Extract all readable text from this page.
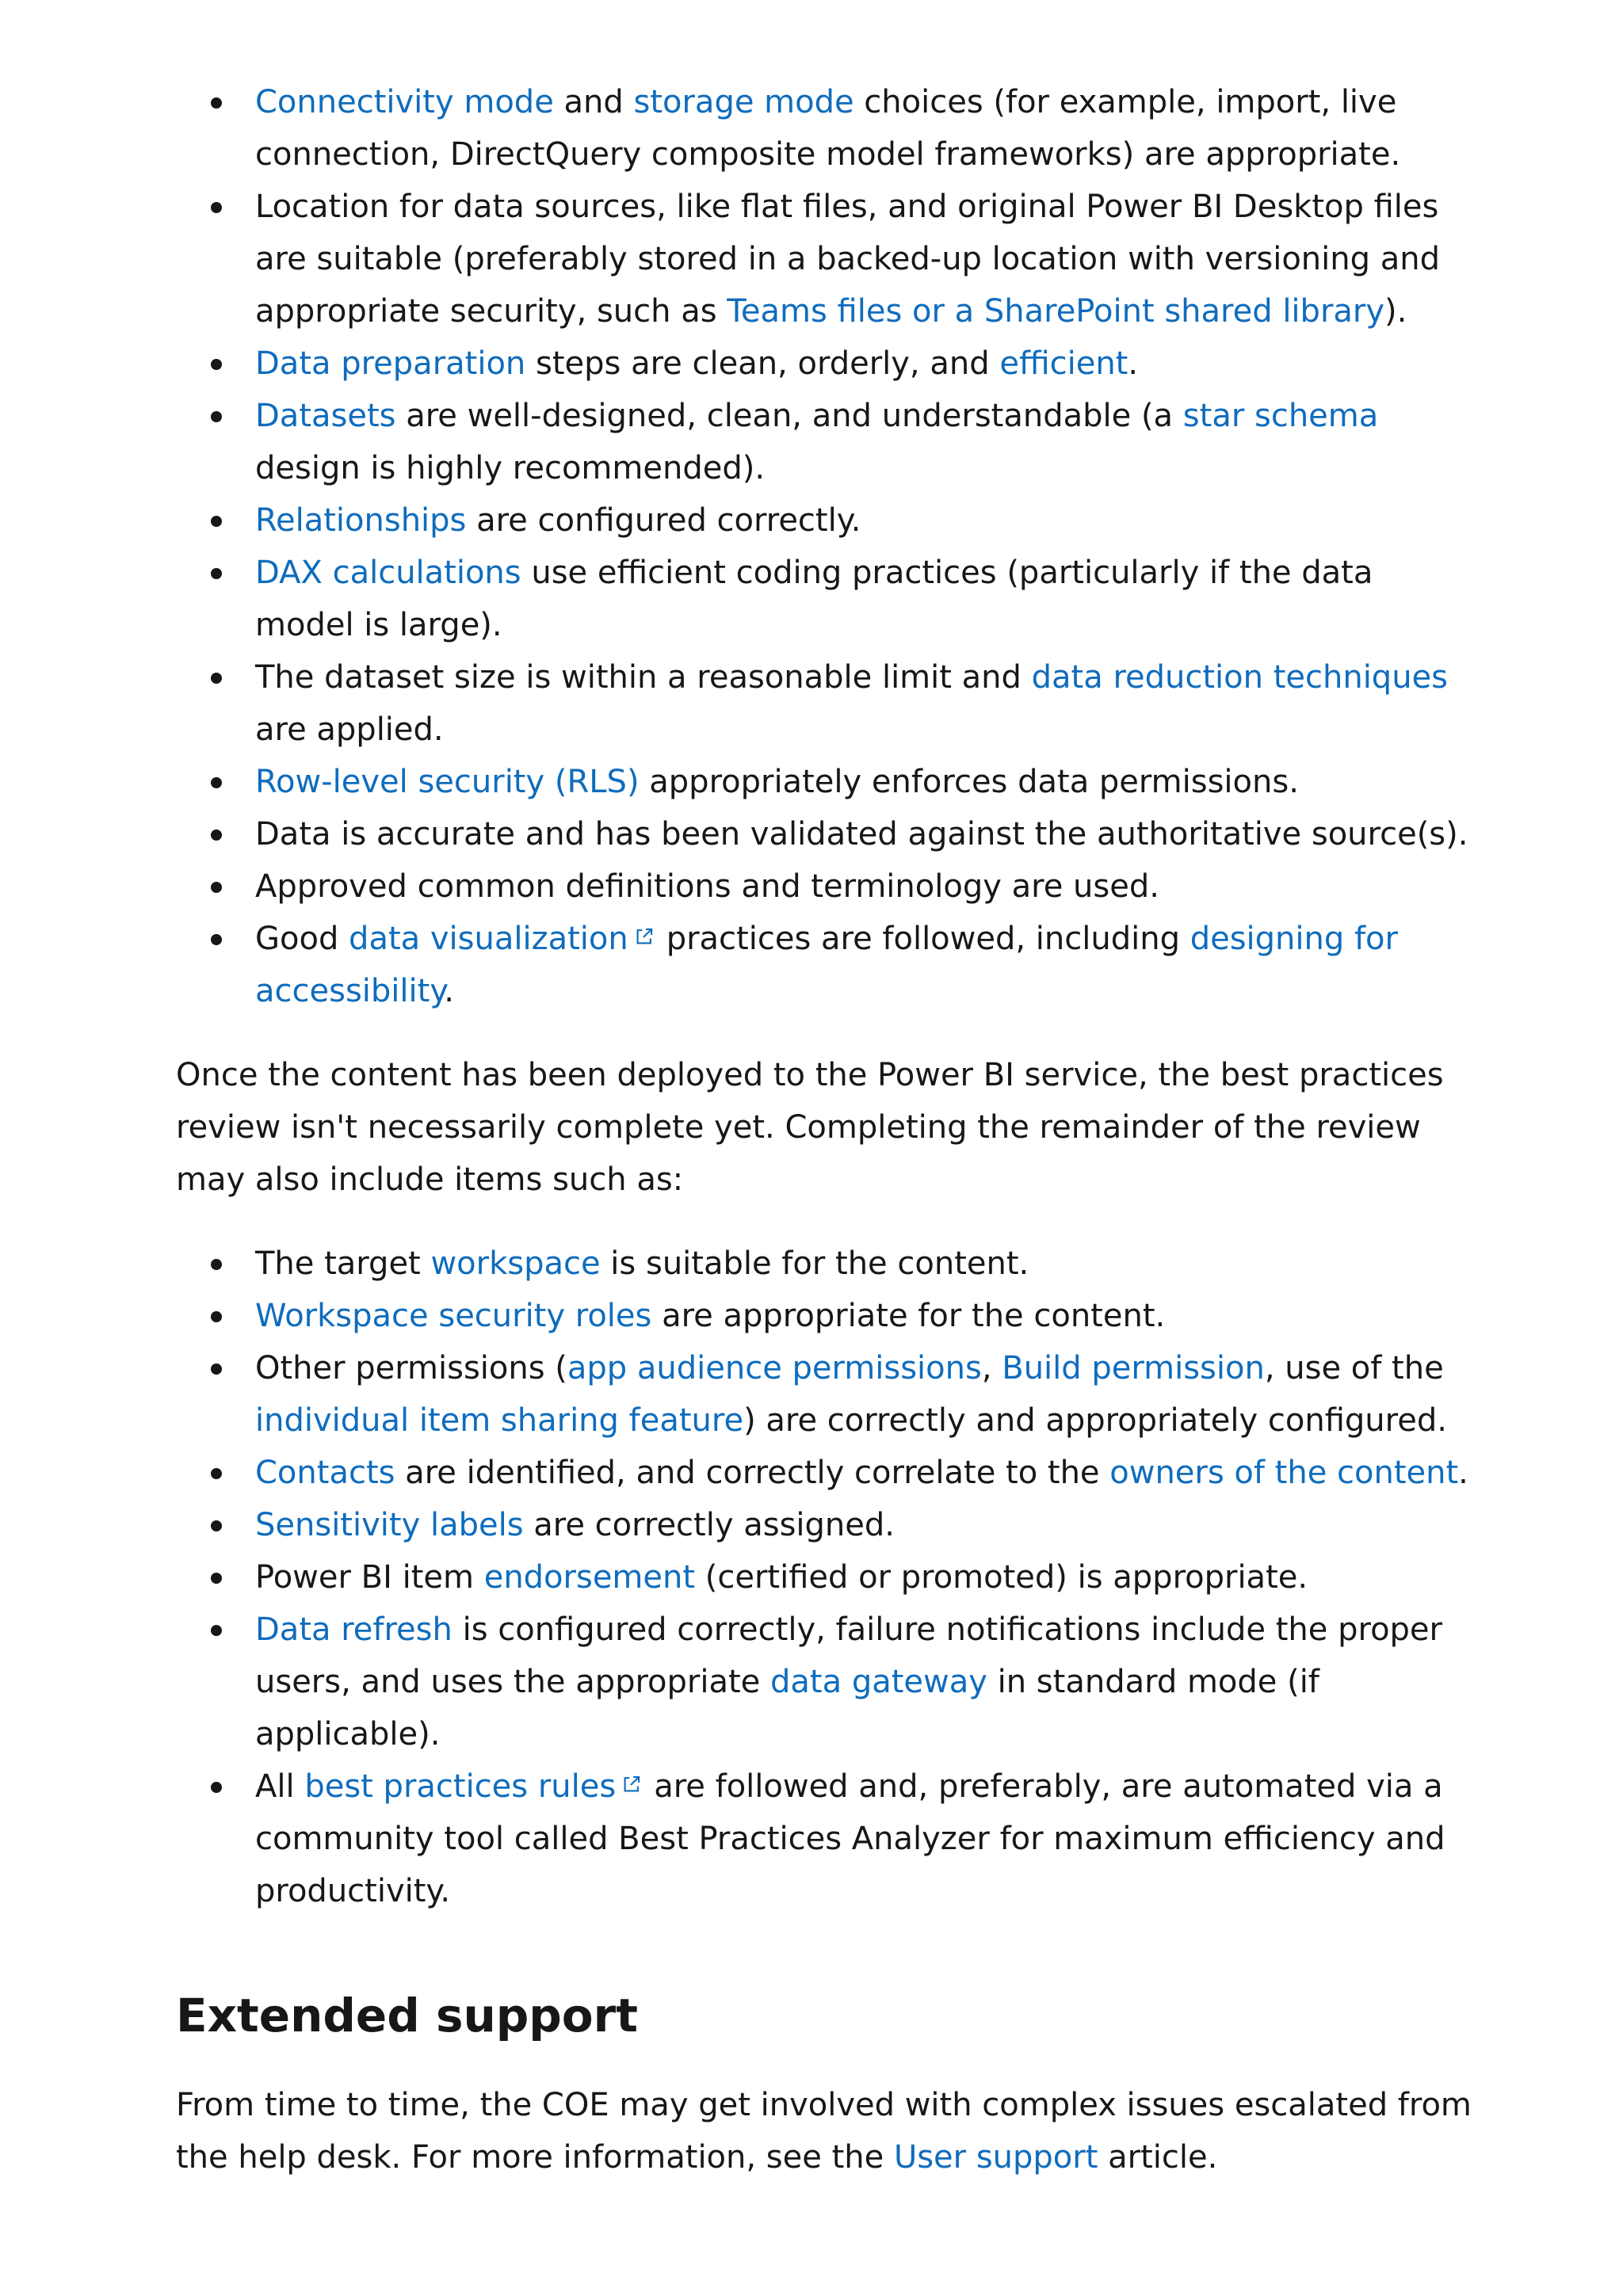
Connectivity mode and storage mode choices (for example, import, live connection, DirectQuery composite model frameworks) are appropriate.
Location for data sources, like flat files, and original Power BI Desktop files are suitable (preferably stored in a backed-up location with versioning and appropriate security, such as Teams files or a SharePoint shared library).
Data preparation steps are clean, orderly, and efficient.
Datasets are well-designed, clean, and understandable (a star schema design is highly recommended).
Relationships are configured correctly.
DAX calculations use efficient coding practices (particularly if the data model is large).
The dataset size is within a reasonable limit and data reduction techniques are applied.
Row-level security (RLS) appropriately enforces data permissions.
Data is accurate and has been validated against the authoritative source(s).
Approved common definitions and terminology are used.
Good data visualization practices are followed, including designing for accessibility.

Once the content has been deployed to the Power BI service, the best practices review isn't necessarily complete yet. Completing the remainder of the review may also include items such as:

The target workspace is suitable for the content.
Workspace security roles are appropriate for the content.
Other permissions (app audience permissions, Build permission, use of the individual item sharing feature) are correctly and appropriately configured.
Contacts are identified, and correctly correlate to the owners of the content.
Sensitivity labels are correctly assigned.
Power BI item endorsement (certified or promoted) is appropriate.
Data refresh is configured correctly, failure notifications include the proper users, and uses the appropriate data gateway in standard mode (if applicable).
All best practices rules are followed and, preferably, are automated via a community tool called Best Practices Analyzer for maximum efficiency and productivity.
Extended support

From time to time, the COE may get involved with complex issues escalated from the help desk. For more information, see the User support article.
